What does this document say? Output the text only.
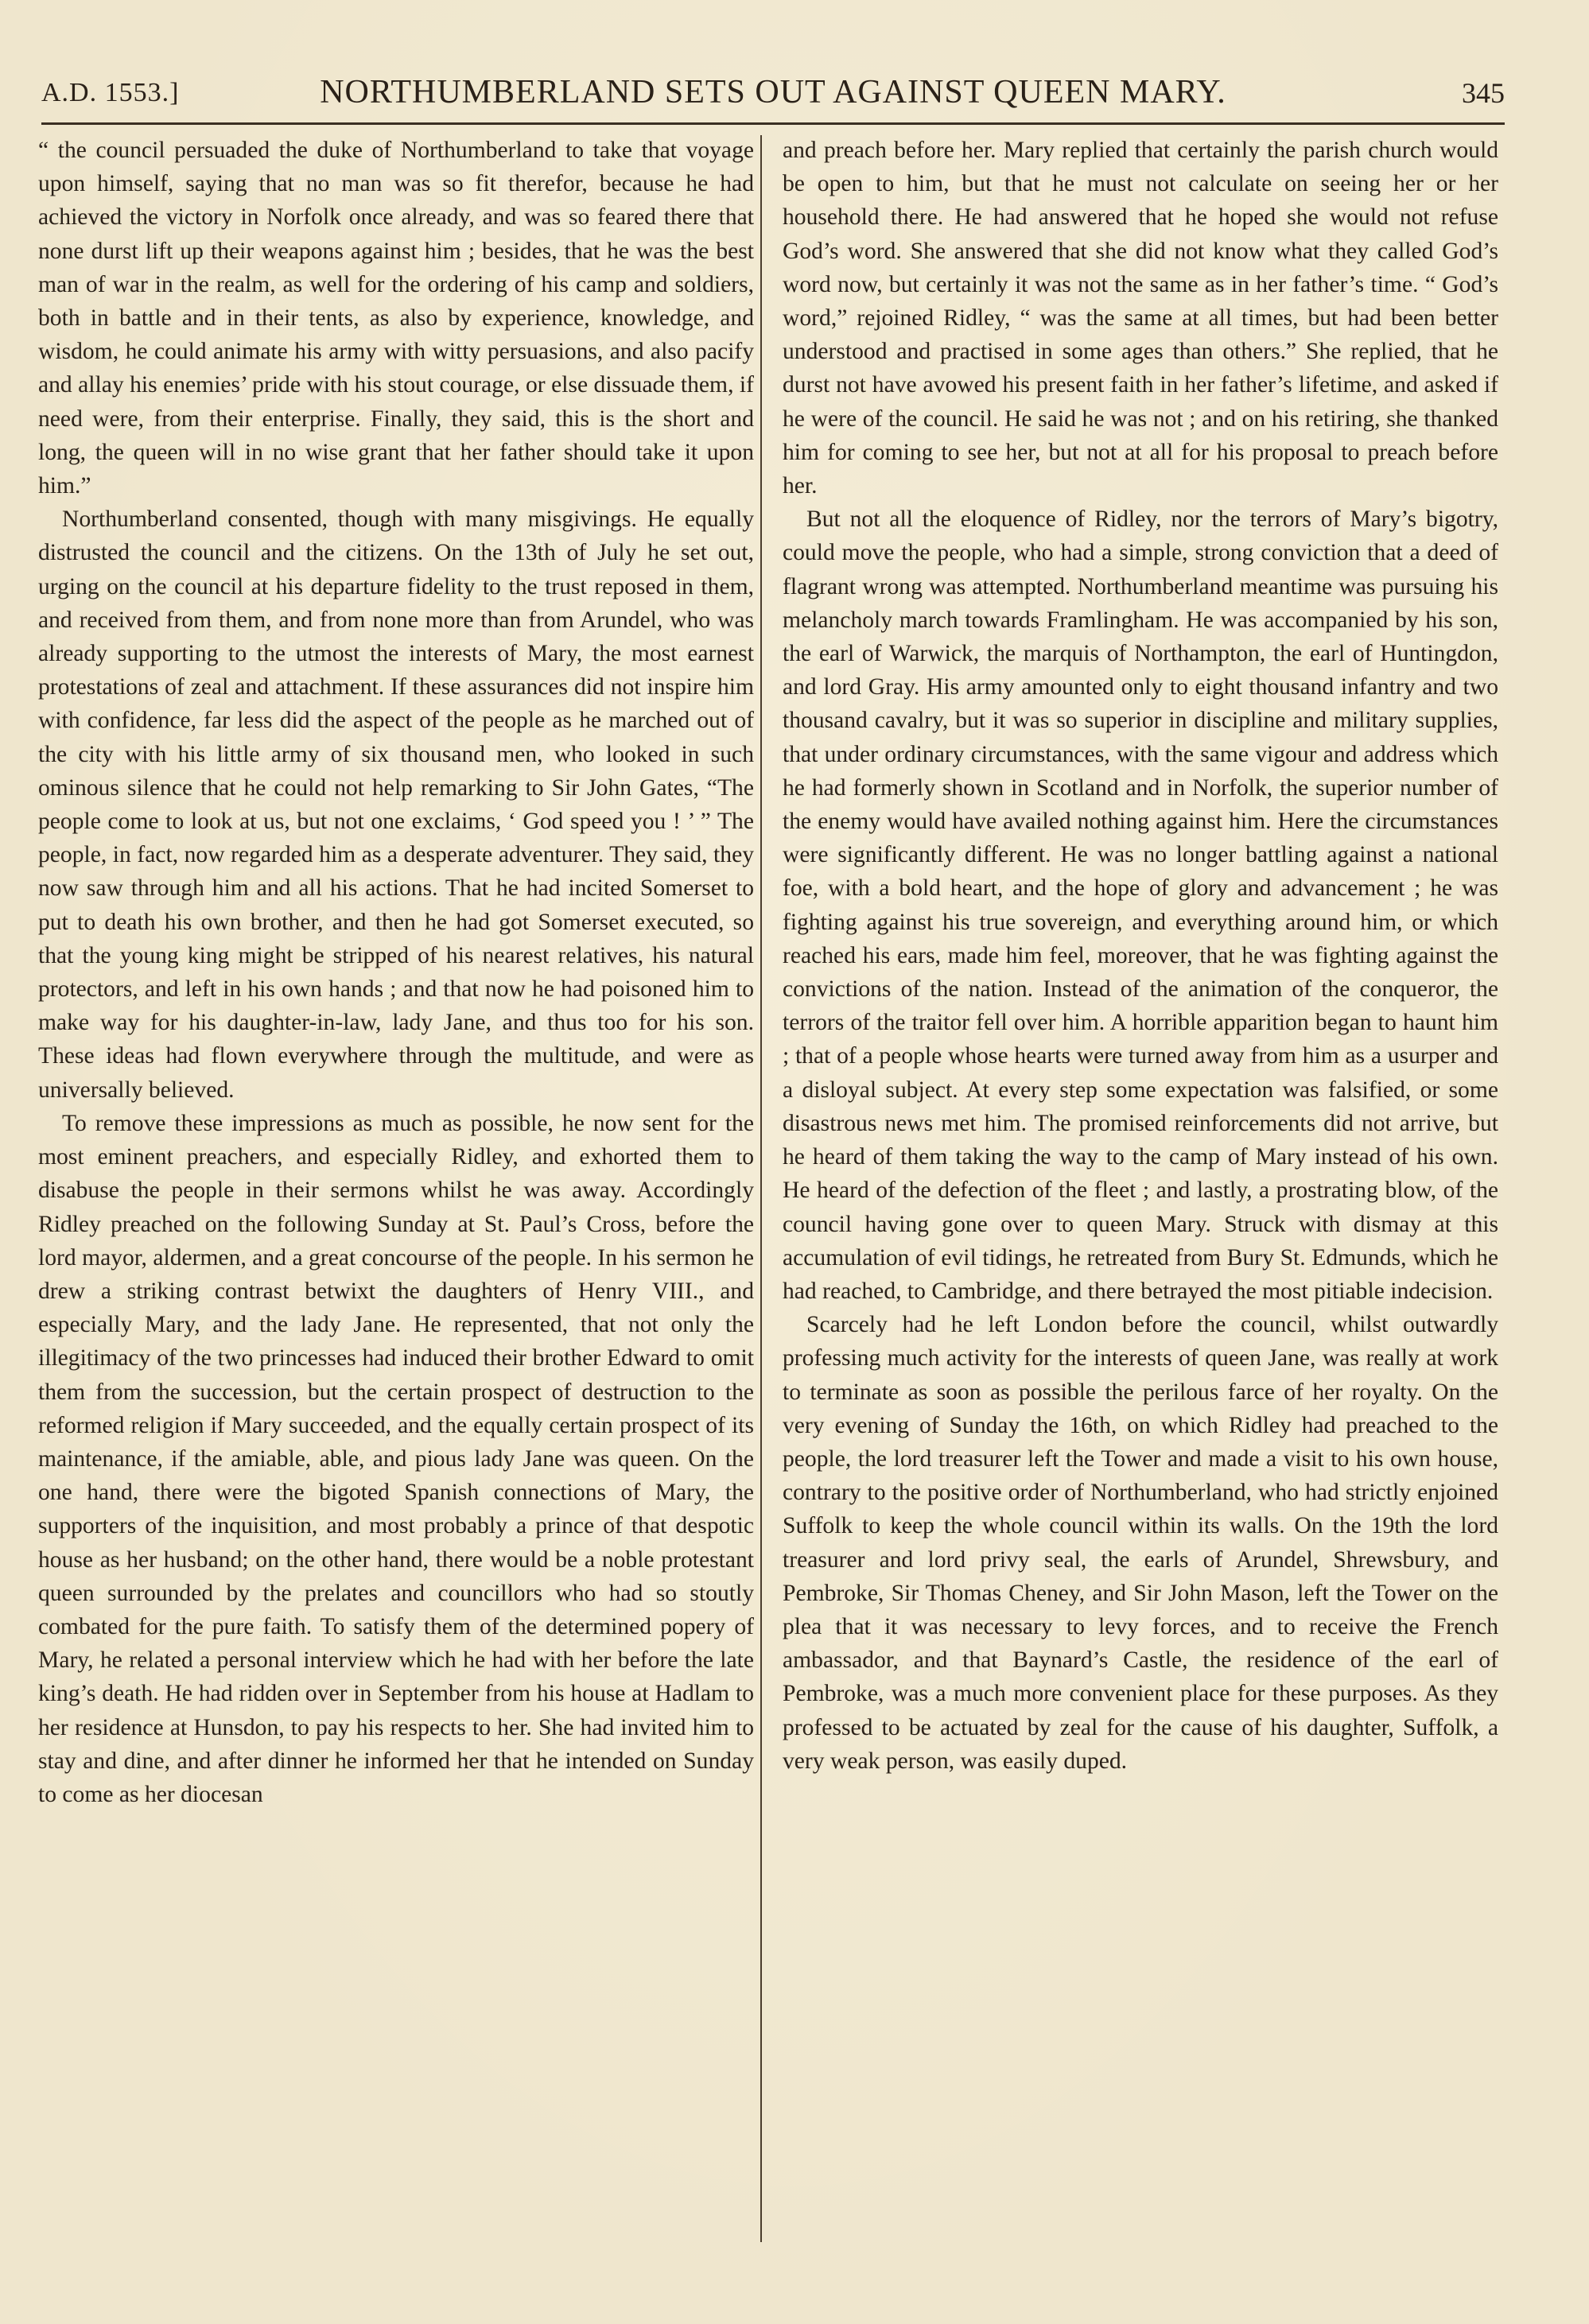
A.D. 1553.]	NORTHUMBERLAND SETS OUT AGAINST QUEEN MARY.	345

“ the council persuaded the duke of Northumberland to take that voyage upon himself, saying that no man was so fit therefor, because he had achieved the victory in Norfolk once already, and was so feared there that none durst lift up their weapons against him ; besides, that he was the best man of war in the realm, as well for the ordering of his camp and soldiers, both in battle and in their tents, as also by experience, knowledge, and wisdom, he could animate his army with witty persuasions, and also pacify and allay his enemies’ pride with his stout courage, or else dissuade them, if need were, from their enterprise. Finally, they said, this is the short and long, the queen will in no wise grant that her father should take it upon him.”

Northumberland consented, though with many misgivings. He equally distrusted the council and the citizens. On the 13th of July he set out, urging on the council at his departure fidelity to the trust reposed in them, and received from them, and from none more than from Arundel, who was already supporting to the utmost the interests of Mary, the most earnest protestations of zeal and attachment. If these assurances did not inspire him with confidence, far less did the aspect of the people as he marched out of the city with his little army of six thousand men, who looked in such ominous silence that he could not help remarking to Sir John Gates, “The people come to look at us, but not one exclaims, ‘ God speed you ! ’ ” The people, in fact, now regarded him as a desperate adventurer. They said, they now saw through him and all his actions. That he had incited Somerset to put to death his own brother, and then he had got Somerset executed, so that the young king might be stripped of his nearest relatives, his natural protectors, and left in his own hands ; and that now he had poisoned him to make way for his daughter-in-law, lady Jane, and thus too for his son. These ideas had flown everywhere through the multitude, and were as universally believed.

To remove these impressions as much as possible, he now sent for the most eminent preachers, and especially Ridley, and exhorted them to disabuse the people in their sermons whilst he was away. Accordingly Ridley preached on the following Sunday at St. Paul’s Cross, before the lord mayor, aldermen, and a great concourse of the people. In his sermon he drew a striking contrast betwixt the daughters of Henry VIII., and especially Mary, and the lady Jane. He represented, that not only the illegitimacy of the two princesses had induced their brother Edward to omit them from the succession, but the certain prospect of destruction to the reformed religion if Mary succeeded, and the equally certain prospect of its maintenance, if the amiable, able, and pious lady Jane was queen. On the one hand, there were the bigoted Spanish connections of Mary, the supporters of the inquisition, and most probably a prince of that despotic house as her husband; on the other hand, there would be a noble protestant queen surrounded by the prelates and councillors who had so stoutly combated for the pure faith. To satisfy them of the determined popery of Mary, he related a personal interview which he had with her before the late king’s death. He had ridden over in September from his house at Hadlam to her residence at Hunsdon, to pay his respects to her. She had invited him to stay and dine, and after dinner he informed her that he intended on Sunday to come as her diocesan

and preach before her. Mary replied that certainly the parish church would be open to him, but that he must not calculate on seeing her or her household there. He had answered that he hoped she would not refuse God’s word. She answered that she did not know what they called God’s word now, but certainly it was not the same as in her father’s time. “ God’s word,” rejoined Ridley, “ was the same at all times, but had been better understood and practised in some ages than others.” She replied, that he durst not have avowed his present faith in her father’s lifetime, and asked if he were of the council. He said he was not ; and on his retiring, she thanked him for coming to see her, but not at all for his proposal to preach before her.

But not all the eloquence of Ridley, nor the terrors of Mary’s bigotry, could move the people, who had a simple, strong conviction that a deed of flagrant wrong was attempted. Northumberland meantime was pursuing his melancholy march towards Framlingham. He was accompanied by his son, the earl of Warwick, the marquis of Northampton, the earl of Huntingdon, and lord Gray. His army amounted only to eight thousand infantry and two thousand cavalry, but it was so superior in discipline and military supplies, that under ordinary circumstances, with the same vigour and address which he had formerly shown in Scotland and in Norfolk, the superior number of the enemy would have availed nothing against him. Here the circumstances were significantly different. He was no longer battling against a national foe, with a bold heart, and the hope of glory and advancement ; he was fighting against his true sovereign, and everything around him, or which reached his ears, made him feel, moreover, that he was fighting against the convictions of the nation. Instead of the animation of the conqueror, the terrors of the traitor fell over him. A horrible apparition began to haunt him ; that of a people whose hearts were turned away from him as a usurper and a disloyal subject. At every step some expectation was falsified, or some disastrous news met him. The promised reinforcements did not arrive, but he heard of them taking the way to the camp of Mary instead of his own. He heard of the defection of the fleet ; and lastly, a prostrating blow, of the council having gone over to queen Mary. Struck with dismay at this accumulation of evil tidings, he retreated from Bury St. Edmunds, which he had reached, to Cambridge, and there betrayed the most pitiable indecision.

Scarcely had he left London before the council, whilst outwardly professing much activity for the interests of queen Jane, was really at work to terminate as soon as possible the perilous farce of her royalty. On the very evening of Sunday the 16th, on which Ridley had preached to the people, the lord treasurer left the Tower and made a visit to his own house, contrary to the positive order of Northumberland, who had strictly enjoined Suffolk to keep the whole council within its walls. On the 19th the lord treasurer and lord privy seal, the earls of Arundel, Shrewsbury, and Pembroke, Sir Thomas Cheney, and Sir John Mason, left the Tower on the plea that it was necessary to levy forces, and to receive the French ambassador, and that Baynard’s Castle, the residence of the earl of Pembroke, was a much more convenient place for these purposes. As they professed to be actuated by zeal for the cause of his daughter, Suffolk, a very weak person, was easily duped.
